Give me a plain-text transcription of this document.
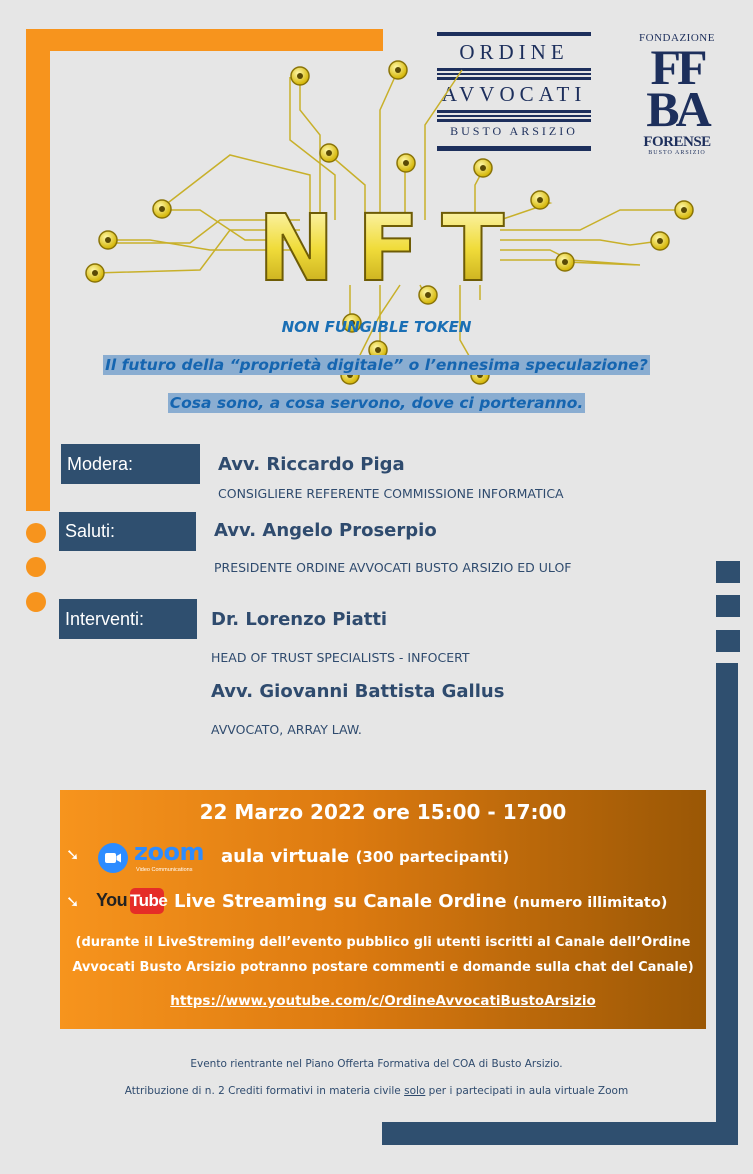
ORDINE
AVVOCATI
BUSTO ARSIZIO
FONDAZIONE
FFBA
FORENSE
BUSTO ARSIZIO
NFT
NON FUNGIBLE TOKEN
Il futuro della “proprietà digitale” o l’ennesima speculazione?
Cosa sono, a cosa servono, dove ci porteranno.
Modera:	Avv. Riccardo Piga
CONSIGLIERE REFERENTE COMMISSIONE INFORMATICA
Saluti:	Avv. Angelo Proserpio
PRESIDENTE ORDINE AVVOCATI BUSTO ARSIZIO ED ULOF
Interventi:	Dr. Lorenzo Piatti
HEAD OF TRUST SPECIALISTS - INFOCERT
Avv. Giovanni Battista Gallus
AVVOCATO, ARRAY LAW.
22 Marzo 2022 ore 15:00 - 17:00
➘ zoom
Video Communications
aula virtuale (300 partecipanti)
➘ You Tube Live Streaming su Canale Ordine (numero illimitato)
(durante il LiveStreming dell’evento pubblico gli utenti iscritti al Canale dell’Ordine
Avvocati Busto Arsizio potranno postare commenti e domande sulla chat del Canale)
https://www.youtube.com/c/OrdineAvvocatiBustoArsizio
Evento rientrante nel Piano Offerta Formativa del COA di Busto Arsizio.
Attribuzione di n. 2 Crediti formativi in materia civile solo per i partecipati in aula virtuale Zoom
